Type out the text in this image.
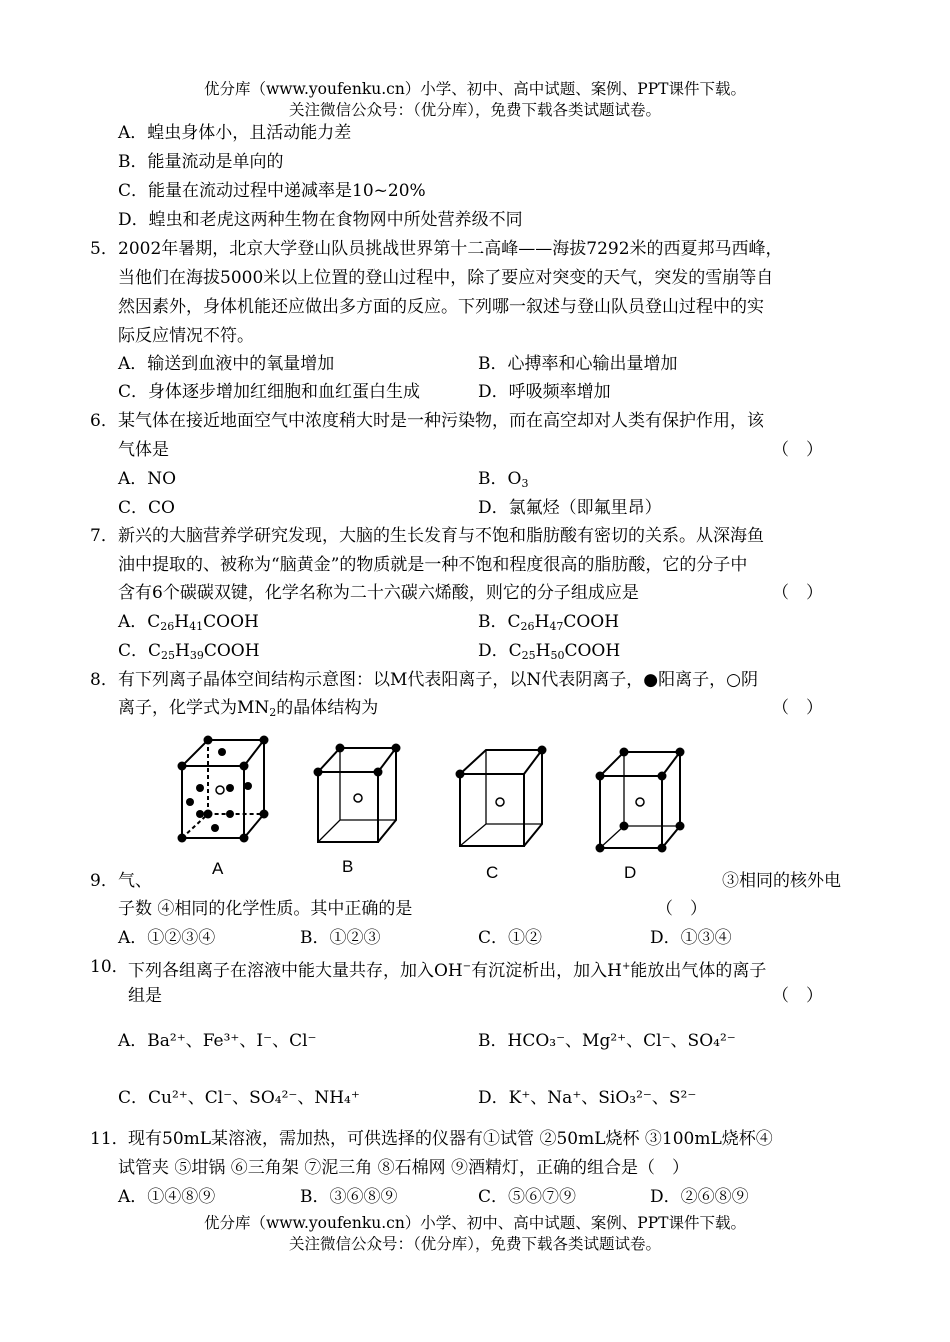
优分库（www.youfenku.cn）小学、初中、高中试题、案例、PPT课件下载。
关注微信公众号：（优分库），免费下载各类试题试卷。
A．蝗虫身体小，且活动能力差
B．能量流动是单向的
C．能量在流动过程中递减率是10~20%
D．蝗虫和老虎这两种生物在食物网中所处营养级不同
5． 2002年暑期，北京大学登山队员挑战世界第十二高峰——海拔7292米的西夏邦马西峰，
当他们在海拔5000米以上位置的登山过程中，除了要应对突变的天气，突发的雪崩等自
然因素外，身体机能还应做出多方面的反应。下列哪一叙述与登山队员登山过程中的实
际反应情况不符。
A．输送到血液中的氧量增加	B．心搏率和心输出量增加
C．身体逐步增加红细胞和血红蛋白生成	D．呼吸频率增加
6． 某气体在接近地面空气中浓度稍大时是一种污染物，而在高空却对人类有保护作用，该
气体是	（　）
A．NO	B．$O_3$
C．CO	D．氯氟烃（即氟里昂）
7． 新兴的大脑营养学研究发现，大脑的生长发育与不饱和脂肪酸有密切的关系。从深海鱼
油中提取的、被称为“脑黄金”的物质就是一种不饱和程度很高的脂肪酸，它的分子中
含有6个碳碳双键，化学名称为二十六碳六烯酸，则它的分子组成应是	（　）
A．$C_{26}H_{41}COOH$	B．$C_{26}H_{47}COOH$
C．$C_{25}H_{39}COOH$	D．$C_{25}H_{50}COOH$
8． 有下列离子晶体空间结构示意图：以M代表阳离子，以N代表阴离子，●阳离子，○阴
离子，化学式为$MN_2$的晶体结构为	（　）
A	B	C	D
9． 气、	③相同的核外电
子数 ④相同的化学性质。其中正确的是	（　）
A．①②③④	B．①②③	C．①②	D．①③④
10． 下列各组离子在溶液中能大量共存，加入OH−有沉淀析出，加入H+能放出气体的离子
组是	（　）
A．Ba²⁺、Fe³⁺、I⁻、Cl⁻	B．HCO₃⁻、Mg²⁺、Cl⁻、SO₄²⁻
C．Cu²⁺、Cl⁻、SO₄²⁻、NH₄⁺	D．K⁺、Na⁺、SiO₃²⁻、S²⁻
11． 现有50mL某溶液，需加热，可供选择的仪器有①试管 ②50mL烧杯 ③100mL烧杯④
试管夹 ⑤坩锅 ⑥三角架 ⑦泥三角 ⑧石棉网 ⑨酒精灯，正确的组合是（　）
A．①④⑧⑨	B．③⑥⑧⑨	C．⑤⑥⑦⑨	D．②⑥⑧⑨
优分库（www.youfenku.cn）小学、初中、高中试题、案例、PPT课件下载。
关注微信公众号：（优分库），免费下载各类试题试卷。
